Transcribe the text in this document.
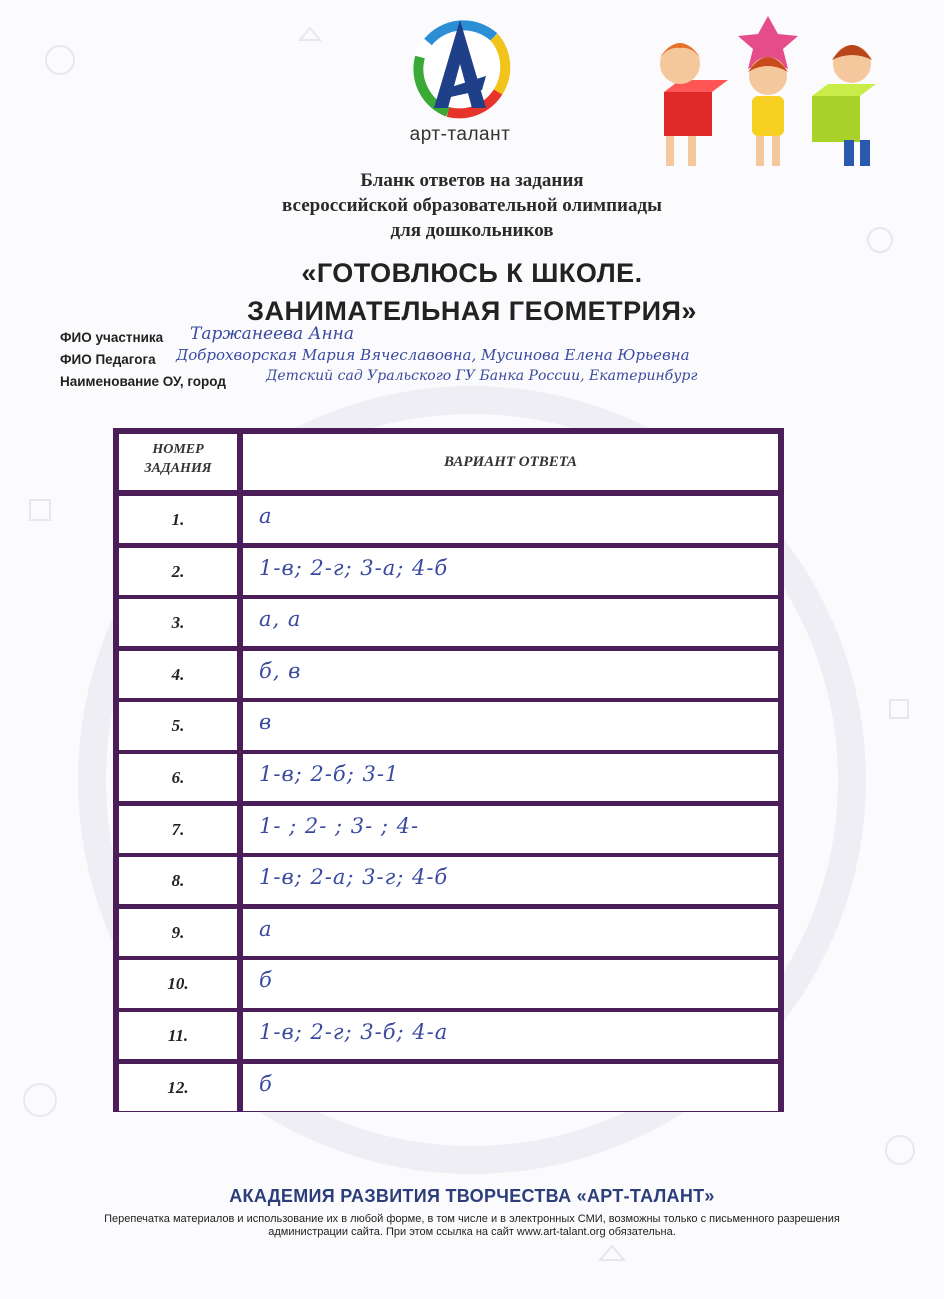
арт-талант
Бланк ответов на задания
всероссийской образовательной олимпиады
для дошкольников
«ГОТОВЛЮСЬ К ШКОЛЕ.
ЗАНИМАТЕЛЬНАЯ ГЕОМЕТРИЯ»
ФИО участника Таржанеева Анна
ФИО Педагога Доброхворская Мария Вячеславовна, Мусинова Елена Юрьевна
Наименование ОУ, город	Детский сад Уральского ГУ Банка России, Екатеринбург
НОМЕР
ЗАДАНИЯ	ВАРИАНТ ОТВЕТА
1.	а
2.	1-в; 2-г; 3-а; 4-б
3.	а, а
4.	б, в
5.	в
6.	1-в; 2-б; 3-1
7.	1- ; 2- ; 3- ; 4-
8.	1-в; 2-а; 3-г; 4-б
9.	а
10.	б
11.	1-в; 2-г; 3-б; 4-а
12.	б
АКАДЕМИЯ РАЗВИТИЯ ТВОРЧЕСТВА «АРТ-ТАЛАНТ»
Перепечатка материалов и использование их в любой форме, в том числе и в электронных СМИ, возможны только с письменного разрешения администрации сайта. При этом ссылка на сайт www.art-talant.org обязательна.
